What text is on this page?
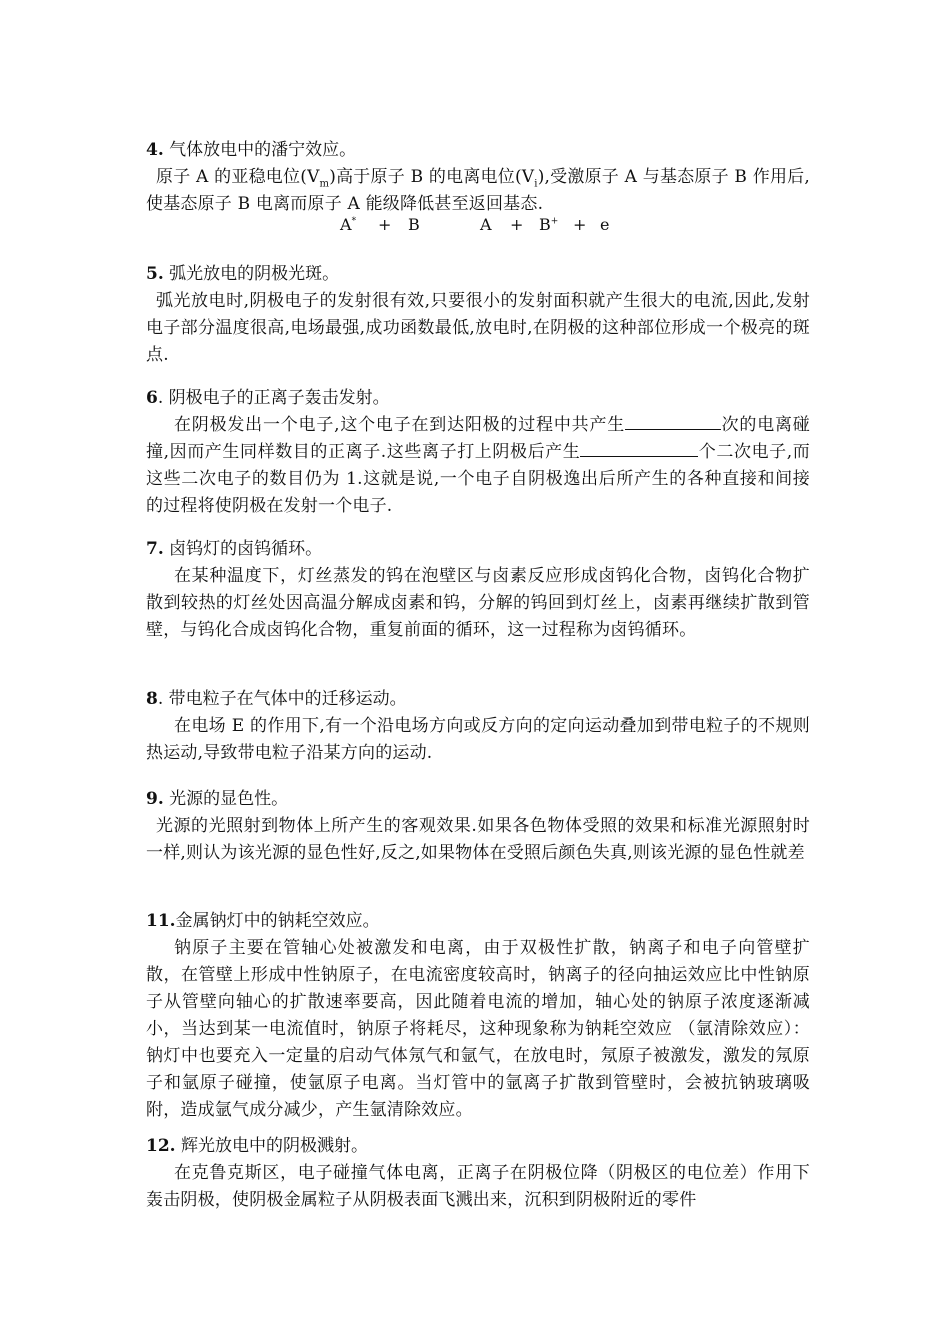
4. 气体放电中的潘宁效应。

原子 A 的亚稳电位$(V_m)$高于原子 B 的电离电位$(V_i)$,受激原子 A 与基态原子 B 作用后,使基态原子 B 电离而原子 A 能级降低甚至返回基态.

A* + B	A + B+ + e

5. 弧光放电的阴极光斑。

弧光放电时,阴极电子的发射很有效,只要很小的发射面积就产生很大的电流,因此,发射电子部分温度很高,电场最强,成功函数最低,放电时,在阴极的这种部位形成一个极亮的斑点.

6. 阴极电子的正离子轰击发射。

在阴极发出一个电子,这个电子在到达阳极的过程中共产生	次的电离碰撞,因而产生同样数目的正离子.这些离子打上阴极后产生	个二次电子,而这些二次电子的数目仍为 1.这就是说,一个电子自阴极逸出后所产生的各种直接和间接的过程将使阴极在发射一个电子.

7. 卤钨灯的卤钨循环。

在某种温度下，灯丝蒸发的钨在泡壁区与卤素反应形成卤钨化合物，卤钨化合物扩散到较热的灯丝处因高温分解成卤素和钨，分解的钨回到灯丝上，卤素再继续扩散到管壁，与钨化合成卤钨化合物，重复前面的循环，这一过程称为卤钨循环。

8. 带电粒子在气体中的迁移运动。

在电场 E 的作用下,有一个沿电场方向或反方向的定向运动叠加到带电粒子的不规则热运动,导致带电粒子沿某方向的运动.

9. 光源的显色性。

光源的光照射到物体上所产生的客观效果.如果各色物体受照的效果和标准光源照射时一样,则认为该光源的显色性好,反之,如果物体在受照后颜色失真,则该光源的显色性就差

11.金属钠灯中的钠耗空效应。

钠原子主要在管轴心处被激发和电离，由于双极性扩散，钠离子和电子向管壁扩散，在管壁上形成中性钠原子，在电流密度较高时，钠离子的径向抽运效应比中性钠原子从管壁向轴心的扩散速率要高，因此随着电流的增加，轴心处的钠原子浓度逐渐减小，当达到某一电流值时，钠原子将耗尽，这种现象称为钠耗空效应 （氩清除效应）：钠灯中也要充入一定量的启动气体氖气和氩气，在放电时，氖原子被激发，激发的氖原子和氩原子碰撞，使氩原子电离。当灯管中的氩离子扩散到管壁时，会被抗钠玻璃吸附，造成氩气成分减少，产生氩清除效应。

12. 辉光放电中的阴极溅射。

在克鲁克斯区，电子碰撞气体电离，正离子在阴极位降（阴极区的电位差）作用下轰击阴极，使阴极金属粒子从阴极表面飞溅出来，沉积到阴极附近的零件
